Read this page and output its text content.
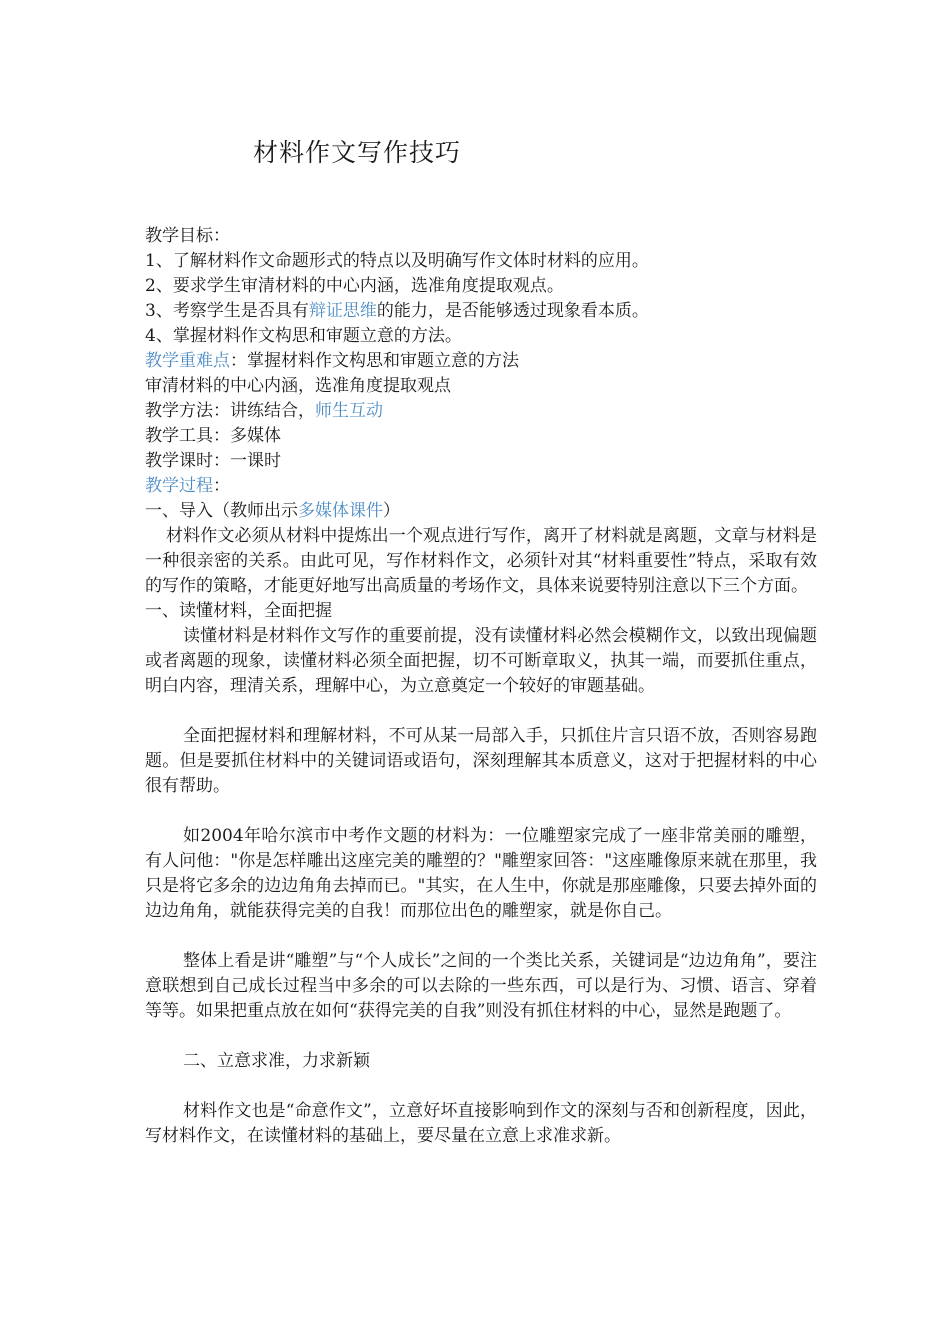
材料作文写作技巧
教学目标：
1、了解材料作文命题形式的特点以及明确写作文体时材料的应用。
2、要求学生审清材料的中心内涵，选准角度提取观点。
3、考察学生是否具有辩证思维的能力，是否能够透过现象看本质。
4、掌握材料作文构思和审题立意的方法。
教学重难点：掌握材料作文构思和审题立意的方法
审清材料的中心内涵，选准角度提取观点
教学方法：讲练结合，师生互动
教学工具：多媒体
教学课时：一课时
教学过程：
一、导入（教师出示多媒体课件）
材料作文必须从材料中提炼出一个观点进行写作，离开了材料就是离题，文章与材料是一种很亲密的关系。由此可见，写作材料作文，必须针对其“材料重要性”特点，采取有效的写作的策略，才能更好地写出高质量的考场作文，具体来说要特别注意以下三个方面。
一、读懂材料，全面把握
读懂材料是材料作文写作的重要前提，没有读懂材料必然会模糊作文，以致出现偏题或者离题的现象，读懂材料必须全面把握，切不可断章取义，执其一端，而要抓住重点，明白内容，理清关系，理解中心，为立意奠定一个较好的审题基础。
全面把握材料和理解材料，不可从某一局部入手，只抓住片言只语不放，否则容易跑题。但是要抓住材料中的关键词语或语句，深刻理解其本质意义，这对于把握材料的中心很有帮助。
如2004年哈尔滨市中考作文题的材料为：一位雕塑家完成了一座非常美丽的雕塑，有人问他："你是怎样雕出这座完美的雕塑的？"雕塑家回答："这座雕像原来就在那里，我只是将它多余的边边角角去掉而已。"其实，在人生中，你就是那座雕像，只要去掉外面的边边角角，就能获得完美的自我！而那位出色的雕塑家，就是你自己。
整体上看是讲“雕塑”与“个人成长”之间的一个类比关系，关键词是“边边角角”，要注意联想到自己成长过程当中多余的可以去除的一些东西，可以是行为、习惯、语言、穿着等等。如果把重点放在如何“获得完美的自我”则没有抓住材料的中心，显然是跑题了。
二、立意求准，力求新颖
材料作文也是“命意作文”，立意好坏直接影响到作文的深刻与否和创新程度，因此，写材料作文，在读懂材料的基础上，要尽量在立意上求准求新。
